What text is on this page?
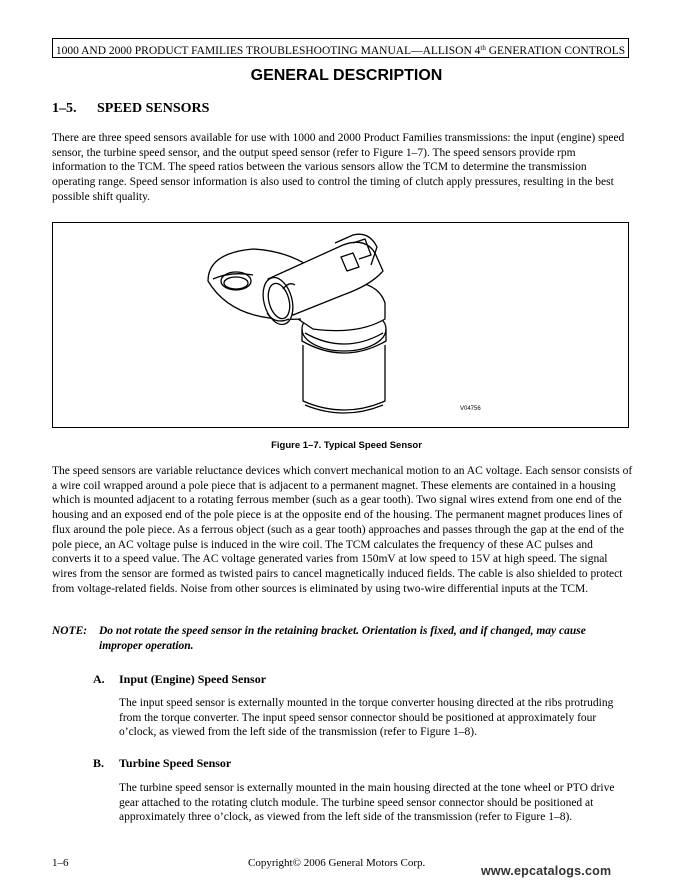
1000 AND 2000 PRODUCT FAMILIES TROUBLESHOOTING MANUAL—ALLISON 4th GENERATION CONTROLS
GENERAL DESCRIPTION
1–5. SPEED SENSORS

There are three speed sensors available for use with 1000 and 2000 Product Families transmissions: the input (engine) speed sensor, the turbine speed sensor, and the output speed sensor (refer to Figure 1–7). The speed sensors provide rpm information to the TCM. The speed ratios between the various sensors allow the TCM to determine the transmission operating range. Speed sensor information is also used to control the timing of clutch apply pressures, resulting in the best possible shift quality.

V04756
Figure 1–7. Typical Speed Sensor

The speed sensors are variable reluctance devices which convert mechanical motion to an AC voltage. Each sensor consists of a wire coil wrapped around a pole piece that is adjacent to a permanent magnet. These elements are contained in a housing which is mounted adjacent to a rotating ferrous member (such as a gear tooth). Two signal wires extend from one end of the housing and an exposed end of the pole piece is at the opposite end of the housing. The permanent magnet produces lines of flux around the pole piece. As a ferrous object (such as a gear tooth) approaches and passes through the gap at the end of the pole piece, an AC voltage pulse is induced in the wire coil. The TCM calculates the frequency of these AC pulses and converts it to a speed value. The AC voltage generated varies from 150mV at low speed to 15V at high speed. The signal wires from the sensor are formed as twisted pairs to cancel magnetically induced fields. The cable is also shielded to protect from voltage-related fields. Noise from other sources is eliminated by using two-wire differential inputs at the TCM.

NOTE: Do not rotate the speed sensor in the retaining bracket. Orientation is fixed, and if changed, may cause improper operation.
A. Input (Engine) Speed Sensor

The input speed sensor is externally mounted in the torque converter housing directed at the ribs protruding from the torque converter. The input speed sensor connector should be positioned at approximately four o’clock, as viewed from the left side of the transmission (refer to Figure 1–8).

B. Turbine Speed Sensor

The turbine speed sensor is externally mounted in the main housing directed at the tone wheel or PTO drive gear attached to the rotating clutch module. The turbine speed sensor connector should be positioned at approximately three o’clock, as viewed from the left side of the transmission (refer to Figure 1–8).

1–6	Copyright© 2006 General Motors Corp.
www.epcatalogs.com
